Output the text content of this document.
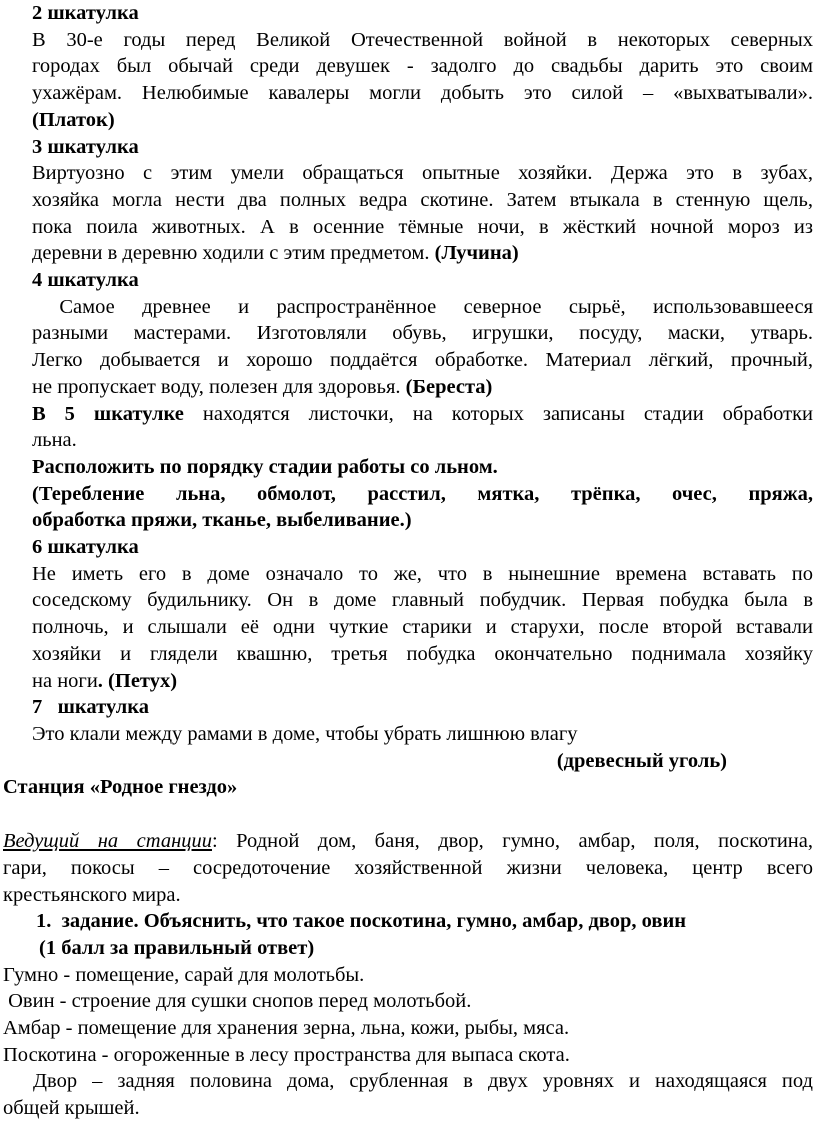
2 шкатулка

В 30-е годы перед Великой Отечественной войной в некоторых северных

городах был обычай среди девушек - задолго до свадьбы дарить это своим

ухажёрам. Нелюбимые кавалеры могли добыть это силой – «выхватывали».

(Платок)

3 шкатулка

Виртуозно с этим умели обращаться опытные хозяйки. Держа это в зубах,

хозяйка могла нести два полных ведра скотине. Затем втыкала в стенную щель,

пока поила животных. А в осенние тёмные ночи, в жёсткий ночной мороз из

деревни в деревню ходили с этим предметом. (Лучина)

4 шкатулка

Самое древнее и распространённое северное сырьё, использовавшееся

разными мастерами. Изготовляли обувь, игрушки, посуду, маски, утварь.

Легко добывается и хорошо поддаётся обработке. Материал лёгкий, прочный,

не пропускает воду, полезен для здоровья. (Береста)

В 5 шкатулке находятся листочки, на которых записаны стадии обработки

льна.

Расположить по порядку стадии работы со льном.

(Теребление льна, обмолот, расстил, мятка, трёпка, очес, пряжа,

обработка пряжи, тканье, выбеливание.)

6 шкатулка

Не иметь его в доме означало то же, что в нынешние времена вставать по

соседскому будильнику. Он в доме главный побудчик. Первая побудка была в

полночь, и слышали её одни чуткие старики и старухи, после второй вставали

хозяйки и глядели квашню, третья побудка окончательно поднимала хозяйку

на ноги. (Петух)

7   шкатулка

Это клали между рамами в доме, чтобы убрать лишнюю влагу

(древесный уголь)

Станция «Родное гнездо»

Ведущий на станции: Родной дом, баня, двор, гумно, амбар, поля, поскотина,

гари, покосы – сосредоточение хозяйственной жизни человека, центр всего

крестьянского мира.

1. задание. Объяснить, что такое поскотина, гумно, амбар, двор, овин

(1 балл за правильный ответ)

Гумно - помещение, сарай для молотьбы.

Овин - строение для сушки снопов перед молотьбой.

Амбар - помещение для хранения зерна, льна, кожи, рыбы, мяса.

Поскотина - огороженные в лесу пространства для выпаса скота.

Двор – задняя половина дома, срубленная в двух уровнях и находящаяся под

общей крышей.
